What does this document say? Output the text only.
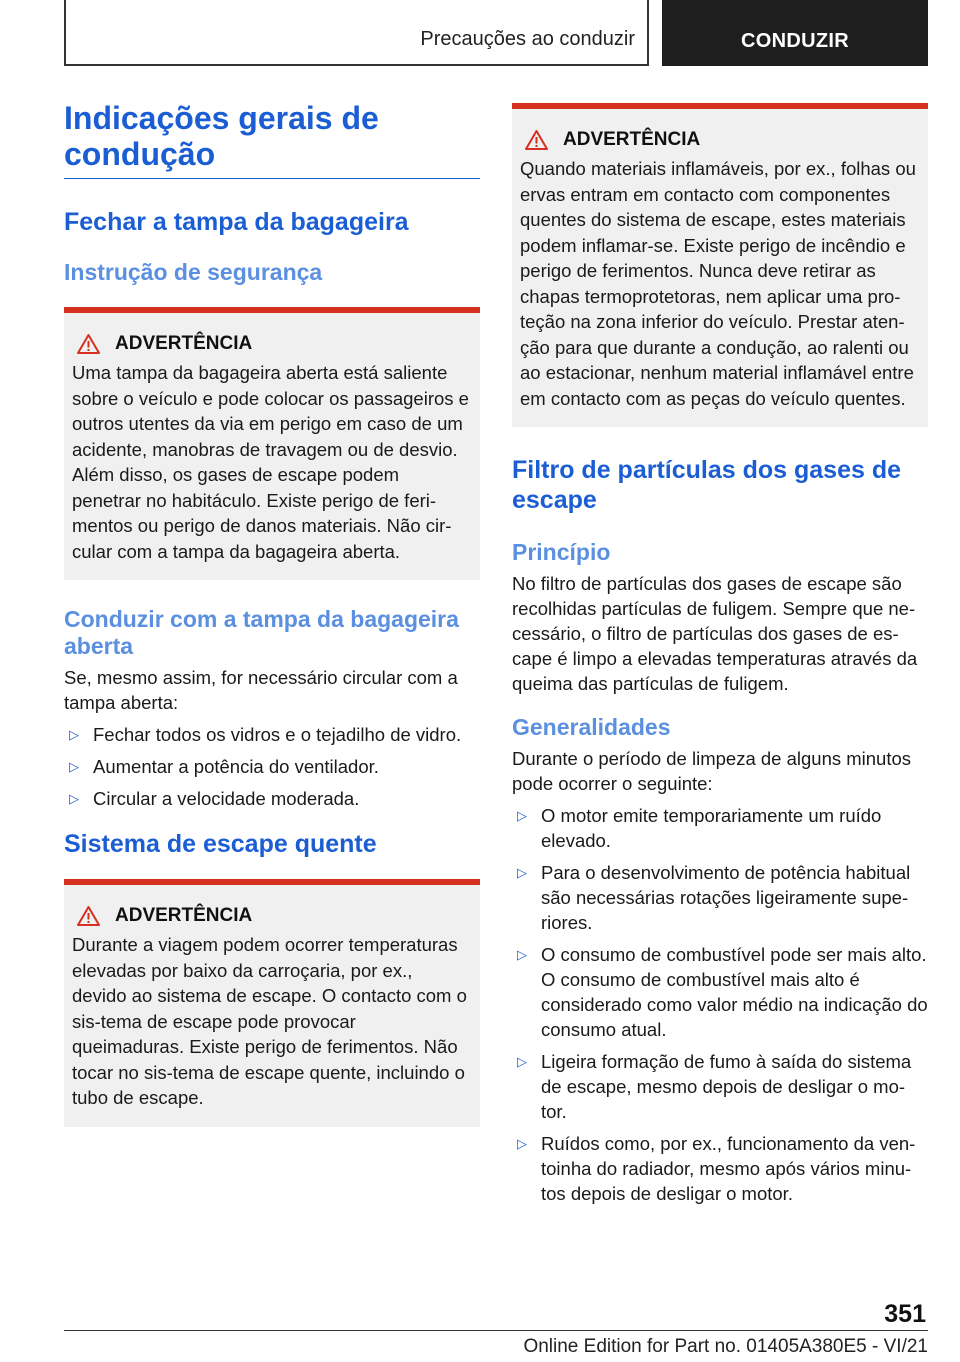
Precauções ao conduzir	CONDUZIR
Indicações gerais de condução
Fechar a tampa da bagageira
Instrução de segurança
ADVERTÊNCIA

Uma tampa da bagageira aberta está saliente sobre o veículo e pode colocar os passageiros e outros utentes da via em perigo em caso de um acidente, manobras de travagem ou de desvio. Além disso, os gases de escape podem penetrar no habitáculo. Existe perigo de feri-mentos ou perigo de danos materiais. Não cir-cular com a tampa da bagageira aberta.

Conduzir com a tampa da bagageira aberta

Se, mesmo assim, for necessário circular com a tampa aberta:

▷ Fechar todos os vidros e o tejadilho de vidro.
▷ Aumentar a potência do ventilador.
▷ Circular a velocidade moderada.
Sistema de escape quente
ADVERTÊNCIA

Durante a viagem podem ocorrer temperaturas elevadas por baixo da carroçaria, por ex., devido ao sistema de escape. O contacto com o sis-tema de escape pode provocar queimaduras. Existe perigo de ferimentos. Não tocar no sis-tema de escape quente, incluindo o tubo de escape.

ADVERTÊNCIA

Quando materiais inflamáveis, por ex., folhas ou ervas entram em contacto com componentes quentes do sistema de escape, estes materiais podem inflamar-se. Existe perigo de incêndio e perigo de ferimentos. Nunca deve retirar as chapas termoprotetoras, nem aplicar uma pro-teção na zona inferior do veículo. Prestar aten-ção para que durante a condução, ao ralenti ou ao estacionar, nenhum material inflamável entre em contacto com as peças do veículo quentes.

Filtro de partículas dos gases de escape
Princípio

No filtro de partículas dos gases de escape são recolhidas partículas de fuligem. Sempre que ne-cessário, o filtro de partículas dos gases de es-cape é limpo a elevadas temperaturas através da queima das partículas de fuligem.

Generalidades

Durante o período de limpeza de alguns minutos pode ocorrer o seguinte:

▷ O motor emite temporariamente um ruído elevado.
▷ Para o desenvolvimento de potência habitual são necessárias rotações ligeiramente supe-riores.
▷ O consumo de combustível pode ser mais alto. O consumo de combustível mais alto é considerado como valor médio na indicação do consumo atual.
▷ Ligeira formação de fumo à saída do sistema de escape, mesmo depois de desligar o mo-tor.
▷ Ruídos como, por ex., funcionamento da ven-toinha do radiador, mesmo após vários minu-tos depois de desligar o motor.
351
Online Edition for Part no. 01405A380E5 - VI/21
